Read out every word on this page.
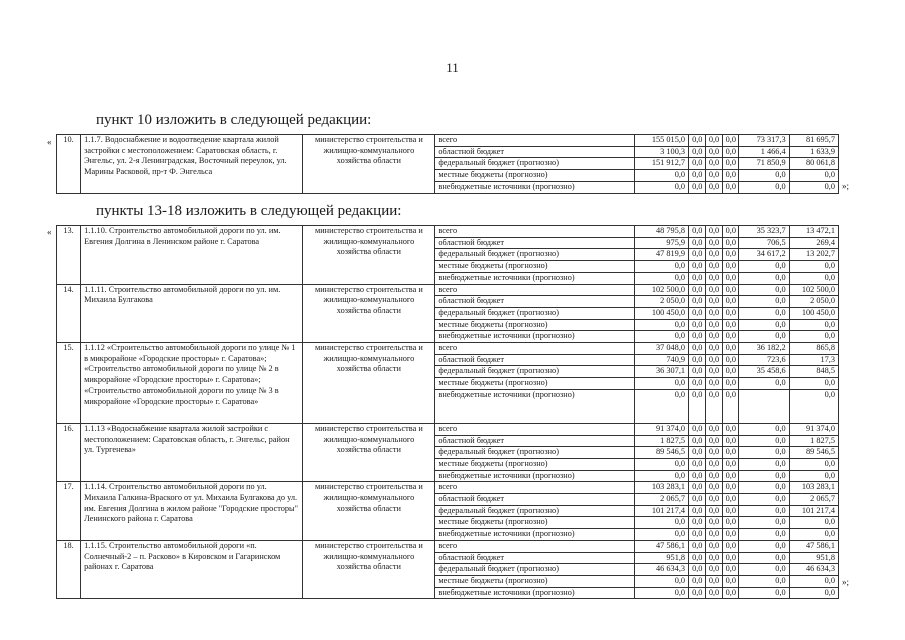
11
пункт 10 изложить в следующей редакции:
«
»;
10.	1.1.7. Водоснабжение и водоотведение квартала жилой застройки с местоположением: Саратовская область, г. Энгельс, ул. 2-я Ленинградская, Восточный переулок, ул. Марины Расковой, пр-т Ф. Энгельса	министерство строительства и жилищно-коммунального хозяйства области	всего	155 015,0	0,0	0,0	0,0	73 317,3	81 695,7
			областной бюджет	3 100,3	0,0	0,0	0,0	1 466,4	1 633,9
			федеральный бюджет (прогнозно)	151 912,7	0,0	0,0	0,0	71 850,9	80 061,8
			местные бюджеты (прогнозно)	0,0	0,0	0,0	0,0	0,0	0,0
			внебюджетные источники (прогнозно)	0,0	0,0	0,0	0,0	0,0	0,0
пункты 13-18 изложить в следующей редакции:
«
»;
13.	1.1.10. Строительство автомобильной дороги по ул. им. Евгения Долгина в Ленинском районе г. Саратова	министерство строительства и жилищно-коммунального хозяйства области	всего	48 795,8	0,0	0,0	0,0	35 323,7	13 472,1
			областной бюджет	975,9	0,0	0,0	0,0	706,5	269,4
			федеральный бюджет (прогнозно)	47 819,9	0,0	0,0	0,0	34 617,2	13 202,7
			местные бюджеты (прогнозно)	0,0	0,0	0,0	0,0	0,0	0,0
			внебюджетные источники (прогнозно)	0,0	0,0	0,0	0,0	0,0	0,0
14.	1.1.11. Строительство автомобильной дороги по ул. им. Михаила Булгакова	министерство строительства и жилищно-коммунального хозяйства области	всего	102 500,0	0,0	0,0	0,0	0,0	102 500,0
			областной бюджет	2 050,0	0,0	0,0	0,0	0,0	2 050,0
			федеральный бюджет (прогнозно)	100 450,0	0,0	0,0	0,0	0,0	100 450,0
			местные бюджеты (прогнозно)	0,0	0,0	0,0	0,0	0,0	0,0
			внебюджетные источники (прогнозно)	0,0	0,0	0,0	0,0	0,0	0,0
15.	1.1.12 «Строительство автомобильной дороги по улице № 1 в микрорайоне «Городские просторы» г. Саратова»; «Строительство автомобильной дороги по улице № 2 в микрорайоне «Городские просторы» г. Саратова»; «Строительство автомобильной дороги по улице № 3 в микрорайоне «Городские просторы» г. Саратова»	министерство строительства и жилищно-коммунального хозяйства области	всего	37 048,0	0,0	0,0	0,0	36 182,2	865,8
			областной бюджет	740,9	0,0	0,0	0,0	723,6	17,3
			федеральный бюджет (прогнозно)	36 307,1	0,0	0,0	0,0	35 458,6	848,5
			местные бюджеты (прогнозно)	0,0	0,0	0,0	0,0	0,0	0,0
			внебюджетные источники (прогнозно)	0,0	0,0	0,0	0,0		0,0
16.	1.1.13 «Водоснабжение квартала жилой застройки с местоположением: Саратовская область, г. Энгельс, район ул. Тургенева»	министерство строительства и жилищно-коммунального хозяйства области	всего	91 374,0	0,0	0,0	0,0	0,0	91 374,0
			областной бюджет	1 827,5	0,0	0,0	0,0	0,0	1 827,5
			федеральный бюджет (прогнозно)	89 546,5	0,0	0,0	0,0	0,0	89 546,5
			местные бюджеты (прогнозно)	0,0	0,0	0,0	0,0	0,0	0,0
			внебюджетные источники (прогнозно)	0,0	0,0	0,0	0,0	0,0	0,0
17.	1.1.14. Строительство автомобильной дороги по ул. Михаила Галкина-Враского от ул. Михаила Булгакова до ул. им. Евгения Долгина в жилом районе "Городские просторы" Ленинского района г. Саратова	министерство строительства и жилищно-коммунального хозяйства области	всего	103 283,1	0,0	0,0	0,0	0,0	103 283,1
			областной бюджет	2 065,7	0,0	0,0	0,0	0,0	2 065,7
			федеральный бюджет (прогнозно)	101 217,4	0,0	0,0	0,0	0,0	101 217,4
			местные бюджеты (прогнозно)	0,0	0,0	0,0	0,0	0,0	0,0
			внебюджетные источники (прогнозно)	0,0	0,0	0,0	0,0	0,0	0,0
18.	1.1.15. Строительство автомобильной дороги «п. Солнечный-2 – п. Расково» в Кировском и Гагаринском районах г. Саратова	министерство строительства и жилищно-коммунального хозяйства области	всего	47 586,1	0,0	0,0	0,0	0,0	47 586,1
			областной бюджет	951,8	0,0	0,0	0,0	0,0	951,8
			федеральный бюджет (прогнозно)	46 634,3	0,0	0,0	0,0	0,0	46 634,3
			местные бюджеты (прогнозно)	0,0	0,0	0,0	0,0	0,0	0,0
			внебюджетные источники (прогнозно)	0,0	0,0	0,0	0,0	0,0	0,0
